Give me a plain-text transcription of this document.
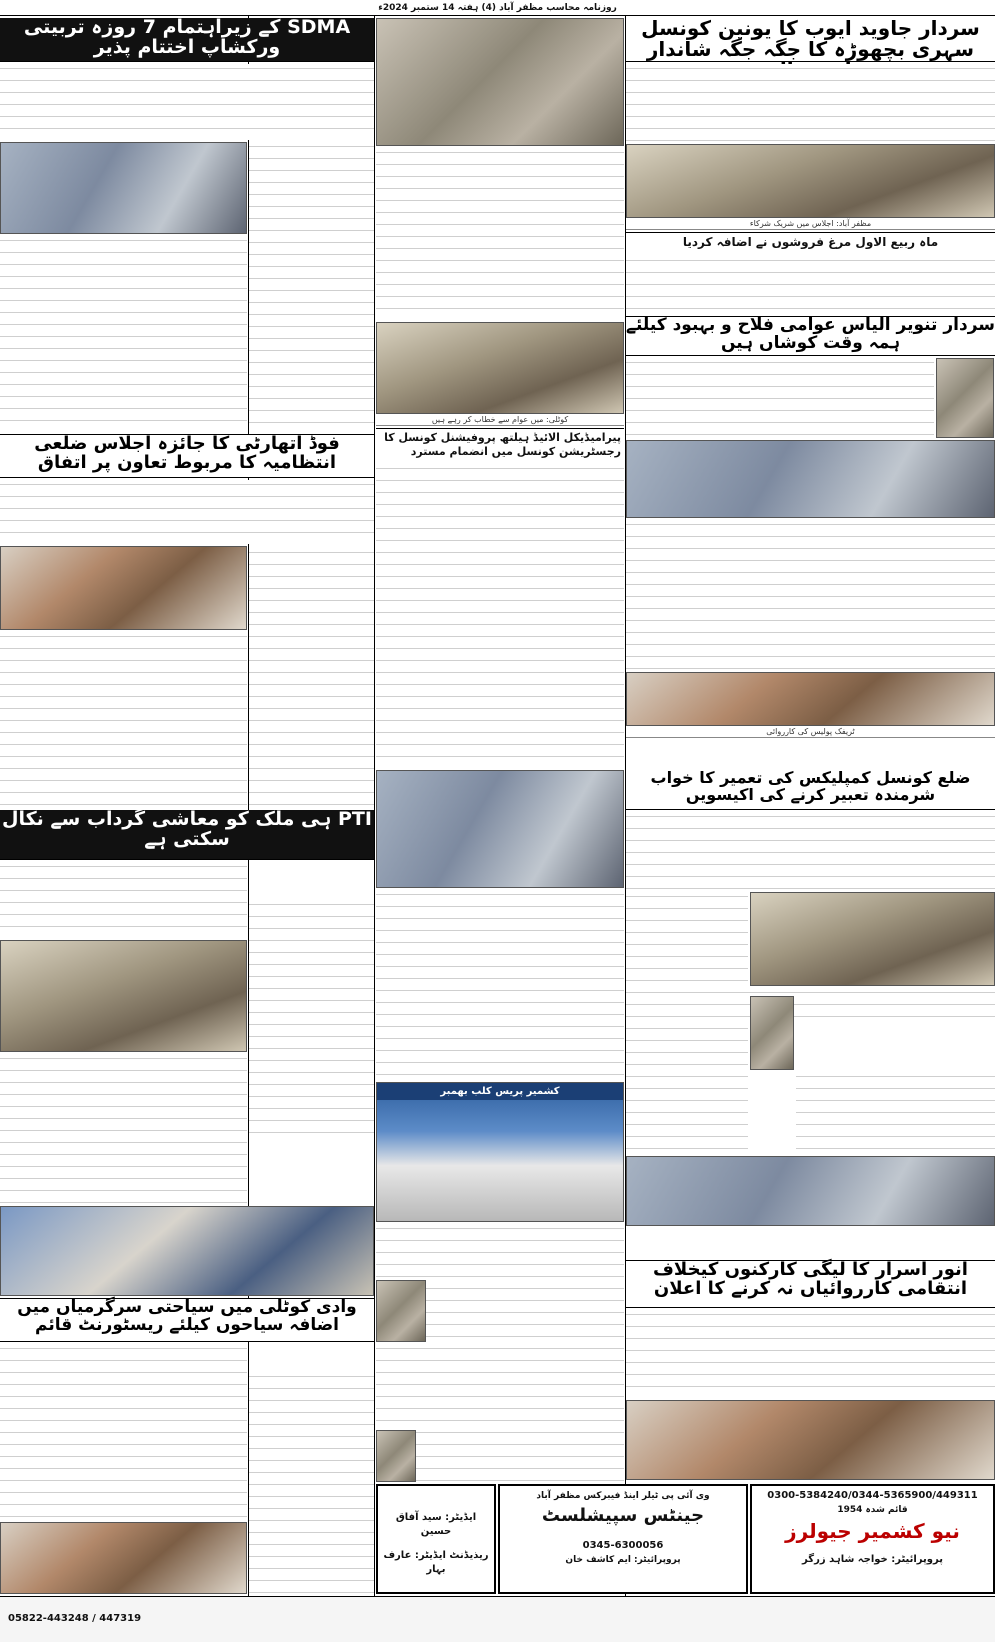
روزنامہ محاسب مظفر آباد (4) ہفتہ 14 ستمبر 2024ء
سردار جاوید ایوب کا یونین کونسل سہری بچھوڑہ کا جگہ جگہ شاندار
مظفر آباد: اجلاس میں شریک شرکاء
ماہ ربیع الاول مرغ فروشوں نے اضافہ کردیا
سردار تنویر الیاس عوامی فلاح و بہبود کیلئے ہمہ وقت کوشاں ہیں
ٹریفک پولیس کی کارروائی
ضلع کونسل کمپلیکس کی تعمیر کا خواب شرمندہ تعبیر کرنے کی اکیسویں
انور اسرار کا لیگی کارکنوں کیخلاف انتقامی کارروائیاں نہ کرنے کا اعلان
0300-5384240/0344-5365900/449311
قائم شدہ 1954
نیو کشمیر جیولرز
پروپرائیٹر: خواجہ شاہد زرگر
وی آئی پی ٹیلر اینڈ فیبرکس مظفر آباد
جینٹس سپیشلسٹ
0345-6300056
پروپرائیٹر: ایم کاشف خان
کوٹلی: میں عوام سے خطاب کر رہے ہیں
پیرامیڈیکل الائیڈ ہیلتھ پروفیشنل کونسل کا رجسٹریشن کونسل میں انضمام مسترد
کشمیر پریس کلب بھمبر
ایڈیٹر: سید آفاق حسین
ریذیڈنٹ ایڈیٹر: عارف بہار
SDMA کے زیراہتمام 7 روزہ تربیتی ورکشاپ اختتام پذیر
فوڈ اتھارٹی کا جائزہ اجلاس ضلعی انتظامیہ کا مربوط تعاون پر اتفاق
PTI ہی ملک کو معاشی گرداب سے نکال سکتی ہے
وادی کوٹلی میں سیاحتی سرگرمیاں میں اضافہ سیاحوں کیلئے ریسٹورنٹ قائم
05822-443248 / 447319
